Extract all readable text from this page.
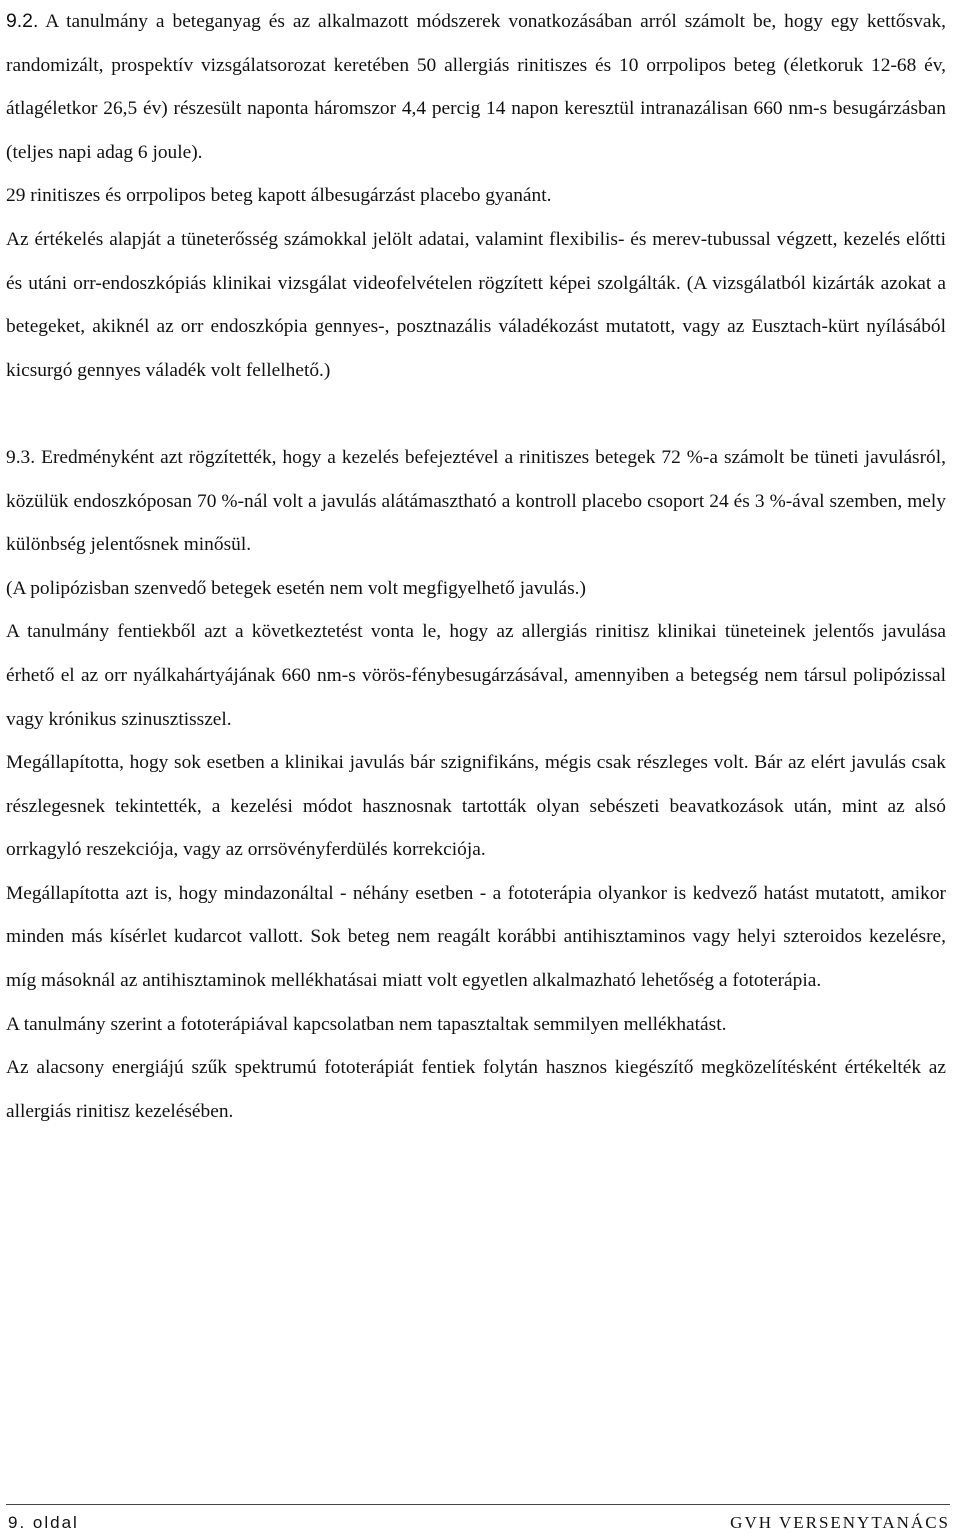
9.2. A tanulmány a beteganyag és az alkalmazott módszerek vonatkozásában arról számolt be, hogy egy kettősvak, randomizált, prospektív vizsgálatsorozat keretében 50 allergiás rinitiszes és 10 orrpolipos beteg (életkoruk 12-68 év, átlagéletkor 26,5 év) részesült naponta háromszor 4,4 percig 14 napon keresztül intranazálisan 660 nm-s besugárzásban (teljes napi adag 6 joule).

29 rinitiszes és orrpolipos beteg kapott álbesugárzást placebo gyanánt.

Az értékelés alapját a tüneterősség számokkal jelölt adatai, valamint flexibilis- és merev-tubussal végzett, kezelés előtti és utáni orr-endoszkópiás klinikai vizsgálat videofelvételen rögzített képei szolgálták. (A vizsgálatból kizárták azokat a betegeket, akiknél az orr endoszkópia gennyes-, posztnazális váladékozást mutatott, vagy az Eusztach-kürt nyílásából kicsurgó gennyes váladék volt fellelhető.)

9.3. Eredményként azt rögzítették, hogy a kezelés befejeztével a rinitiszes betegek 72 %-a számolt be tüneti javulásról, közülük endoszkóposan 70 %-nál volt a javulás alátámasztható a kontroll placebo csoport 24 és 3 %-ával szemben, mely különbség jelentősnek minősül.

(A polipózisban szenvedő betegek esetén nem volt megfigyelhető javulás.)

A tanulmány fentiekből azt a következtetést vonta le, hogy az allergiás rinitisz klinikai tüneteinek jelentős javulása érhető el az orr nyálkahártyájának 660 nm-s vörös-fénybesugárzásával, amennyiben a betegség nem társul polipózissal vagy krónikus szinusztisszel.

Megállapította, hogy sok esetben a klinikai javulás bár szignifikáns, mégis csak részleges volt. Bár az elért javulás csak részlegesnek tekintették, a kezelési módot hasznosnak tartották olyan sebészeti beavatkozások után, mint az alsó orrkagyló reszekciója, vagy az orrsövényferdülés korrekciója.

Megállapította azt is, hogy mindazonáltal - néhány esetben - a fototerápia olyankor is kedvező hatást mutatott, amikor minden más kísérlet kudarcot vallott. Sok beteg nem reagált korábbi antihisztaminos vagy helyi szteroidos kezelésre, míg másoknál az antihisztaminok mellékhatásai miatt volt egyetlen alkalmazható lehetőség a fototerápia.

A tanulmány szerint a fototerápiával kapcsolatban nem tapasztaltak semmilyen mellékhatást.

Az alacsony energiájú szűk spektrumú fototerápiát fentiek folytán hasznos kiegészítő megközelítésként értékelték az allergiás rinitisz kezelésében.

9. oldal	GVH VERSENYTANÁCS
